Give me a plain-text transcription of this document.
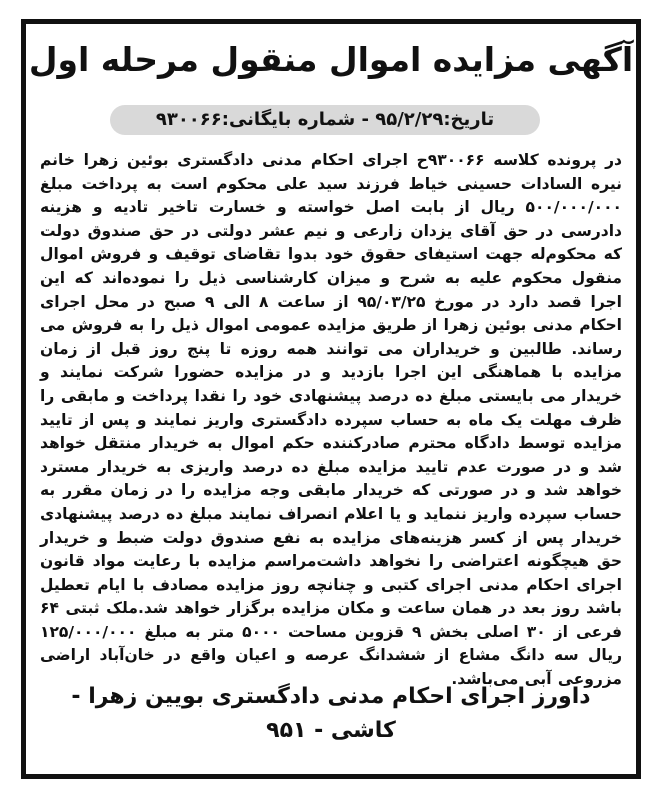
آگهی مزایده اموال منقول مرحله اول
تاریخ:۹۵/۲/۲۹ - شماره بایگانی:۹۳۰۰۶۶
در پرونده کلاسه ۹۳۰۰۶۶ح اجرای احکام مدنی دادگستری بوئین زهرا خانم نیره السادات حسینی خیاط فرزند سید علی محکوم است به پرداخت مبلغ ۵۰۰/۰۰۰/۰۰۰ ریال از بابت اصل خواسته و خسارت تاخیر تادیه و هزینه دادرسی در حق آقای یزدان زارعی و نیم عشر دولتی در حق صندوق دولت که محکوم‌له جهت استیفای حقوق خود بدوا تقاضای توقیف و فروش اموال منقول محکوم علیه به شرح و میزان کارشناسی ذیل را نموده‌اند که این اجرا قصد دارد در مورخ ۹۵/۰۳/۲۵ از ساعت ۸ الی ۹ صبح در محل اجرای احکام مدنی بوئین زهرا از طریق مزایده عمومی اموال ذیل را به فروش می رساند. طالبین و خریداران می توانند همه روزه تا پنج روز قبل از زمان مزایده با هماهنگی این اجرا بازدید و در مزایده حضورا شرکت نمایند و خریدار می بایستی مبلغ ده درصد پیشنهادی خود را نقدا پرداخت و مابقی را ظرف مهلت یک ماه به حساب سپرده دادگستری واریز نمایند و پس از تایید مزایده توسط دادگاه محترم صادرکننده حکم اموال به خریدار منتقل خواهد شد و در صورت عدم تایید مزایده مبلغ ده درصد واریزی به خریدار مسترد خواهد شد و در صورتی که خریدار مابقی وجه مزایده را در زمان مقرر به حساب سپرده واریز ننماید و یا اعلام انصراف نمایند مبلغ ده درصد پیشنهادی خریدار پس از کسر هزینه‌های مزایده به نفع صندوق دولت ضبط و خریدار حق هیچگونه اعتراضی را نخواهد داشت‌مراسم مزایده با رعایت مواد قانون اجرای احکام مدنی اجرای کتبی و چنانچه روز مزایده مصادف با ایام تعطیل باشد روز بعد در همان ساعت و مکان مزایده برگزار خواهد شد.ملک ثبتی ۶۴ فرعی از ۳۰ اصلی بخش ۹ قزوین مساحت ۵۰۰۰ متر به مبلغ ۱۲۵/۰۰۰/۰۰۰ ریال سه دانگ مشاع از ششدانگ عرصه و اعیان واقع در خان‌آباد اراضی مزروعی آبی می‌باشد.
داورز اجرای احکام مدنی دادگستری بویین زهرا - کاشی - ۹۵۱
